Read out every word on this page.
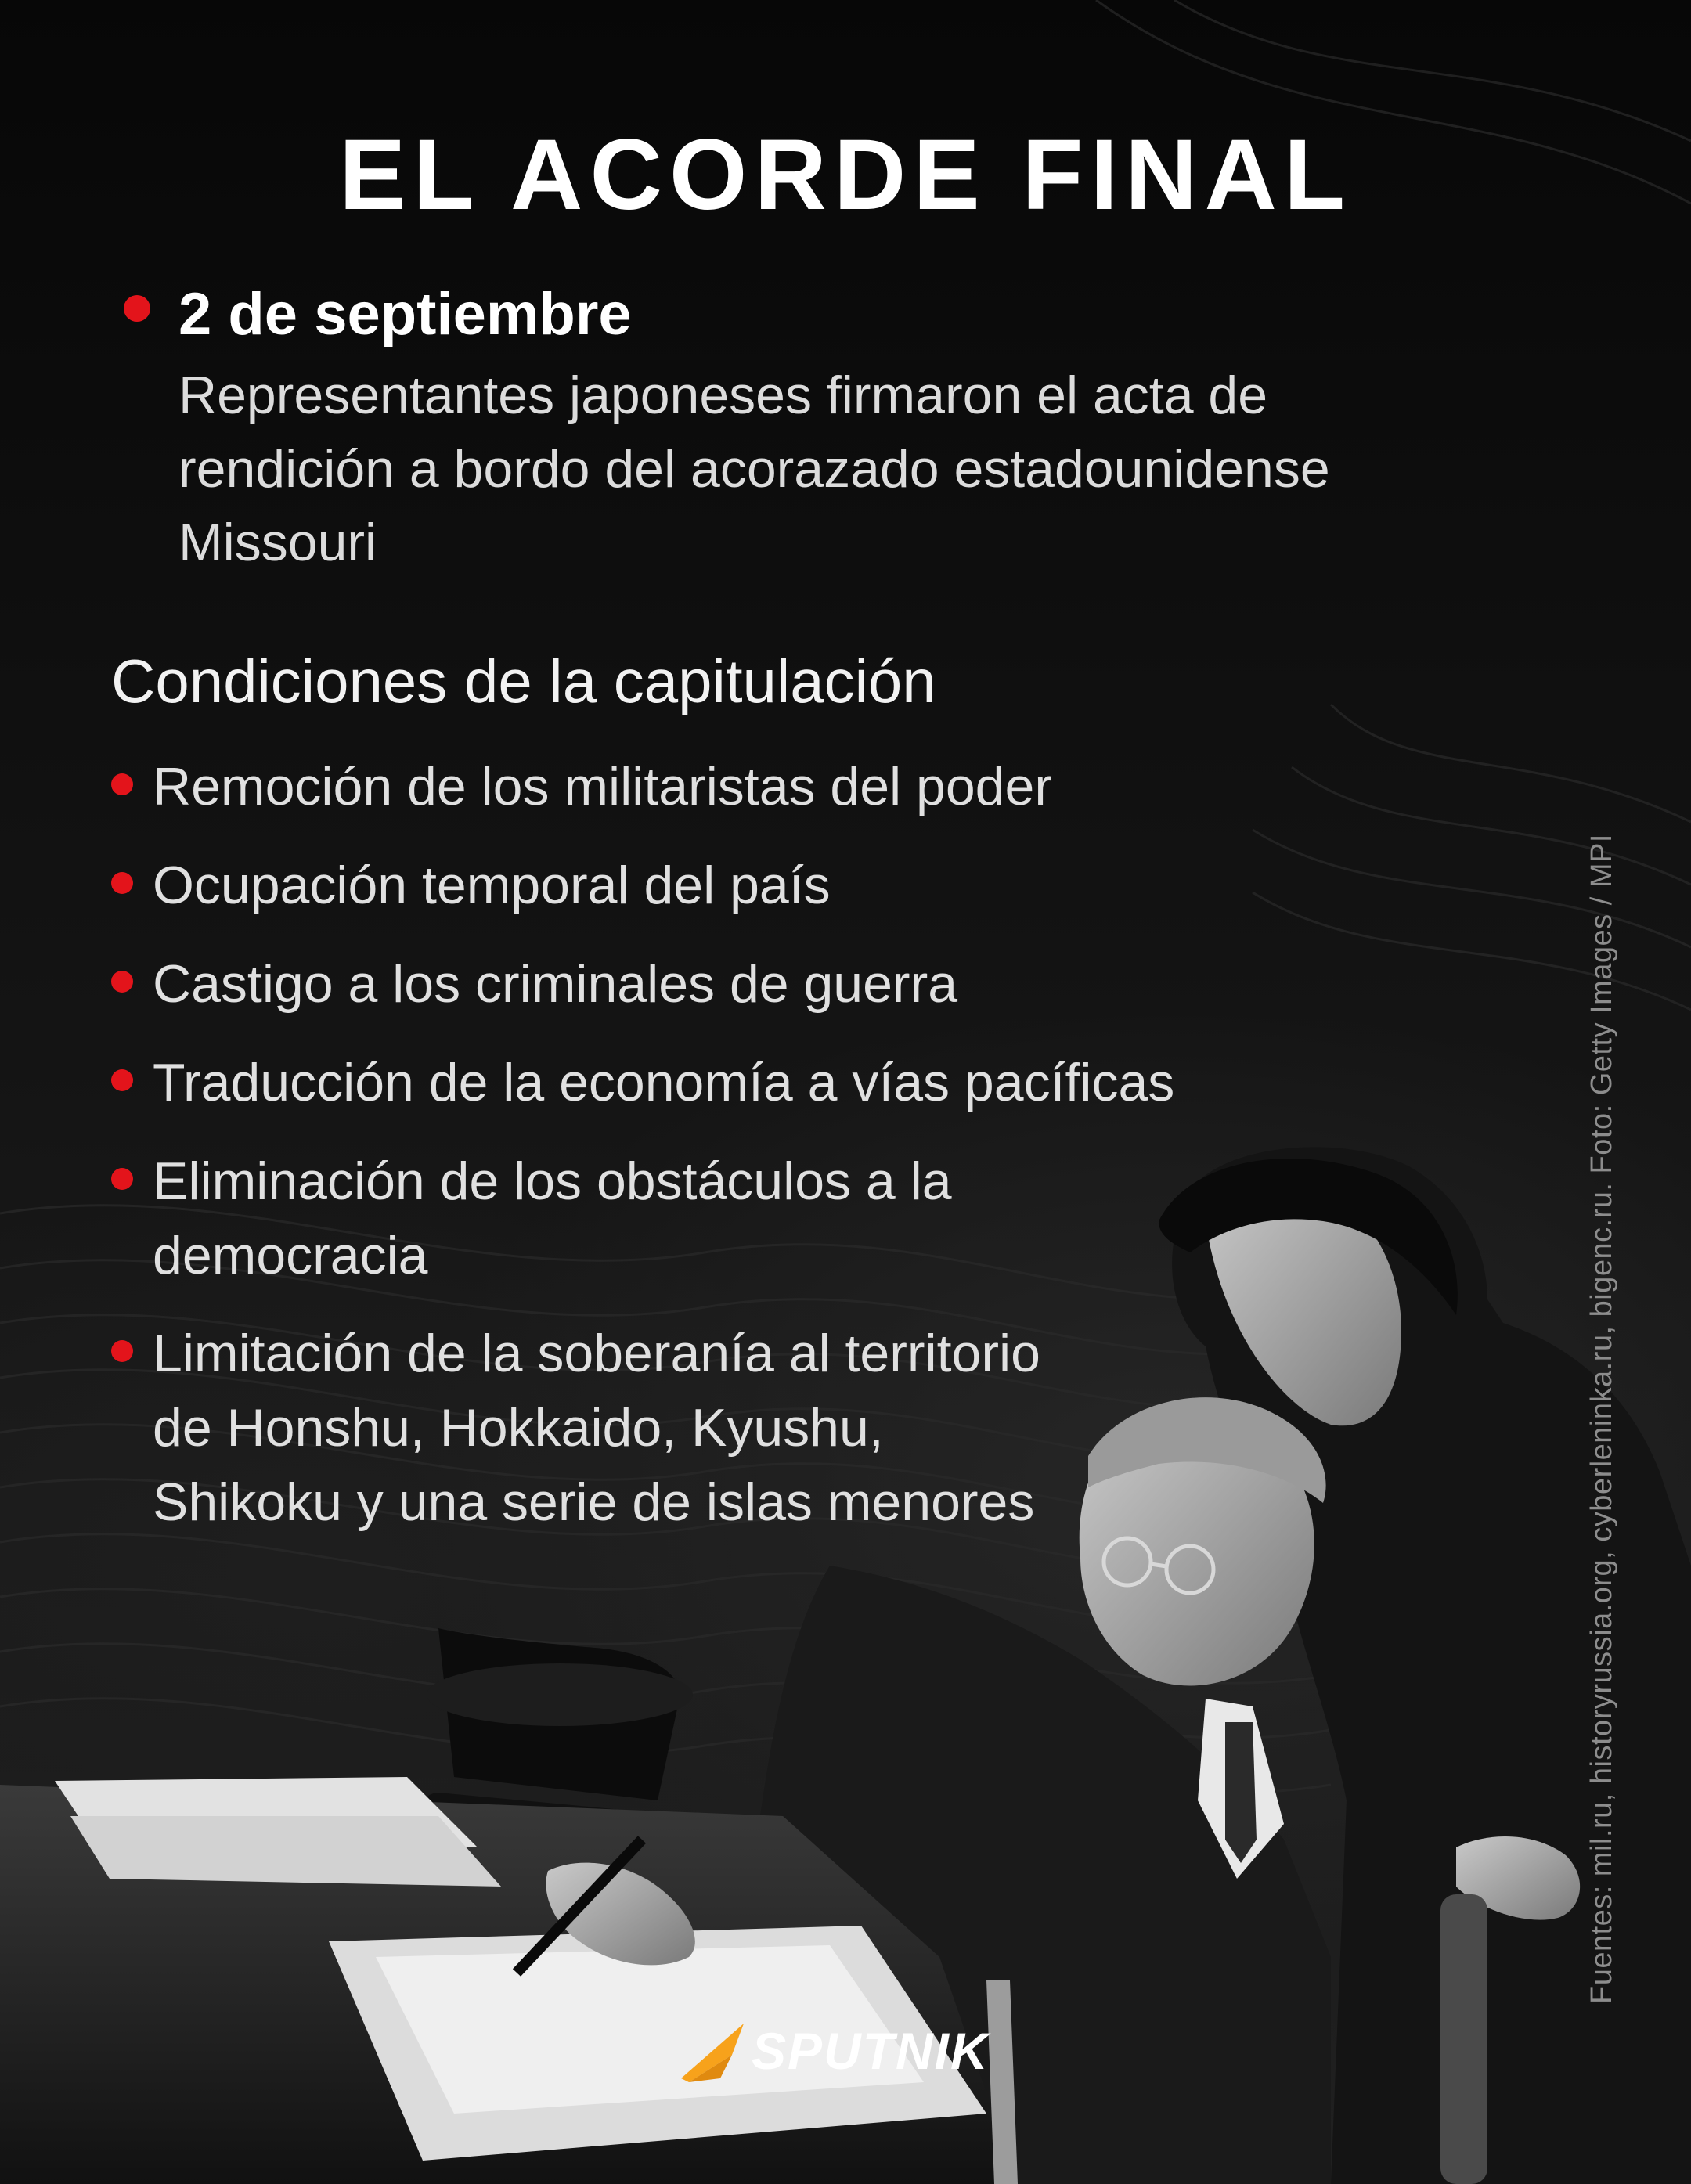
EL ACORDE FINAL
2 de septiembre

Representantes japoneses firmaron el acta de rendición a bordo del acorazado estadounidense Missouri

Condiciones de la capitulación

Remoción de los militaristas del poder

Ocupación temporal del país

Castigo a los criminales de guerra

Traducción de la economía a vías pacíficas

Eliminación de los obstáculos a la democracia

Limitación de la soberanía al territorio de Honshu, Hokkaido, Kyushu, Shikoku y una serie de islas menores	Fuentes: mil.ru, historyrussia.org, cyberleninka.ru, bigenc.ru. Foto: Getty Images / MPI
SPUTNIK
